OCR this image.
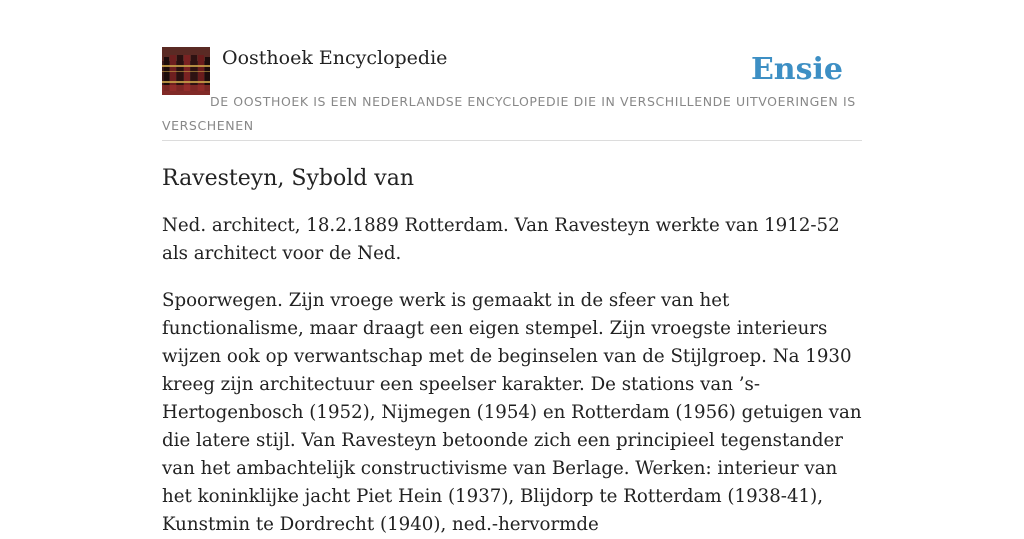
Oosthoek Encyclopedie	Ensie
DE OOSTHOEK IS EEN NEDERLANDSE ENCYCLOPEDIE DIE IN VERSCHILLENDE UITVOERINGEN IS VERSCHENEN
Ravesteyn, Sybold van

Ned. architect, 18.2.1889 Rotterdam. Van Ravesteyn werkte van 1912-52 als architect voor de Ned.

Spoorwegen. Zijn vroege werk is gemaakt in de sfeer van het functionalisme, maar draagt een eigen stempel. Zijn vroegste interieurs wijzen ook op verwantschap met de beginselen van de Stijlgroep. Na 1930 kreeg zijn architectuur een speelser karakter. De stations van ’s-Hertogenbosch (1952), Nijmegen (1954) en Rotterdam (1956) getuigen van die latere stijl. Van Ravesteyn betoonde zich een principieel tegenstander van het ambachtelijk constructivisme van Berlage. Werken: interieur van het koninklijke jacht Piet Hein (1937), Blijdorp te Rotterdam (1938-41), Kunstmin te Dordrecht (1940), ned.-hervormde
